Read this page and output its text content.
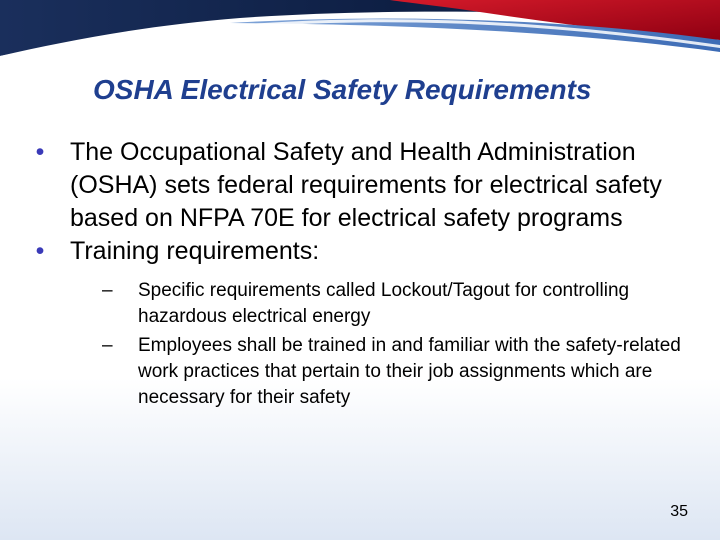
OSHA Electrical Safety Requirements
• The Occupational Safety and Health Administration (OSHA) sets federal requirements for electrical safety based on NFPA 70E for electrical safety programs
• Training requirements:
– Specific requirements called Lockout/Tagout for controlling hazardous electrical energy
– Employees shall be trained in and familiar with the safety-related work practices that pertain to their job assignments which are necessary for their safety
35
